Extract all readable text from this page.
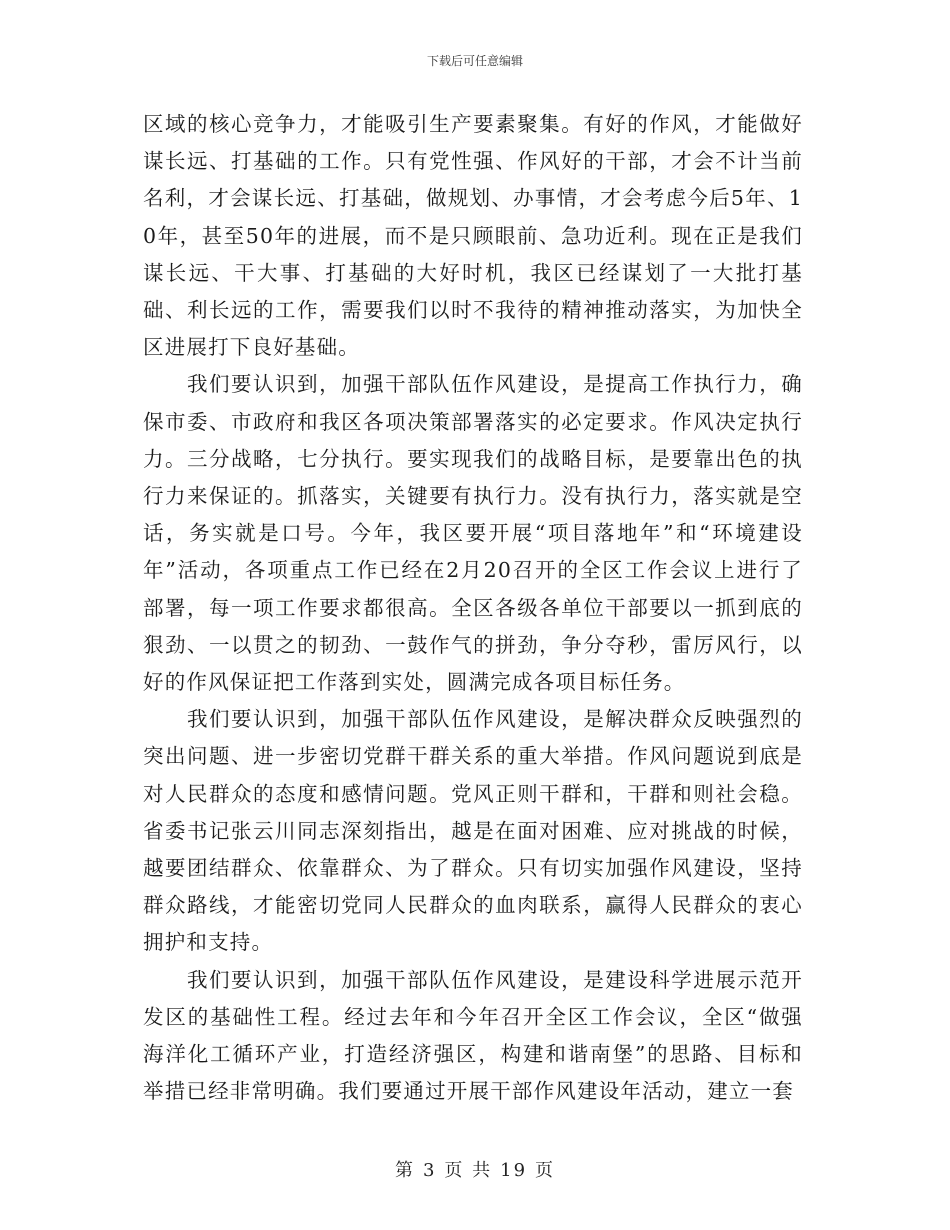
下载后可任意编辑

区域的核心竞争力，才能吸引生产要素聚集。有好的作风，才能做好谋长远、打基础的工作。只有党性强、作风好的干部，才会不计当前名利，才会谋长远、打基础，做规划、办事情，才会考虑今后5年、10年，甚至50年的进展，而不是只顾眼前、急功近利。现在正是我们谋长远、干大事、打基础的大好时机，我区已经谋划了一大批打基础、利长远的工作，需要我们以时不我待的精神推动落实，为加快全区进展打下良好基础。

我们要认识到，加强干部队伍作风建设，是提高工作执行力，确保市委、市政府和我区各项决策部署落实的必定要求。作风决定执行力。三分战略，七分执行。要实现我们的战略目标，是要靠出色的执行力来保证的。抓落实，关键要有执行力。没有执行力，落实就是空话，务实就是口号。今年，我区要开展“项目落地年”和“环境建设年”活动，各项重点工作已经在2月20召开的全区工作会议上进行了部署，每一项工作要求都很高。全区各级各单位干部要以一抓到底的狠劲、一以贯之的韧劲、一鼓作气的拼劲，争分夺秒，雷厉风行，以好的作风保证把工作落到实处，圆满完成各项目标任务。

我们要认识到，加强干部队伍作风建设，是解决群众反映强烈的突出问题、进一步密切党群干群关系的重大举措。作风问题说到底是对人民群众的态度和感情问题。党风正则干群和，干群和则社会稳。省委书记张云川同志深刻指出，越是在面对困难、应对挑战的时候，越要团结群众、依靠群众、为了群众。只有切实加强作风建设，坚持群众路线，才能密切党同人民群众的血肉联系，赢得人民群众的衷心拥护和支持。

我们要认识到，加强干部队伍作风建设，是建设科学进展示范开发区的基础性工程。经过去年和今年召开全区工作会议，全区“做强海洋化工循环产业，打造经济强区，构建和谐南堡”的思路、目标和举措已经非常明确。我们要通过开展干部作风建设年活动，建立一套

第 3 页 共 19 页
